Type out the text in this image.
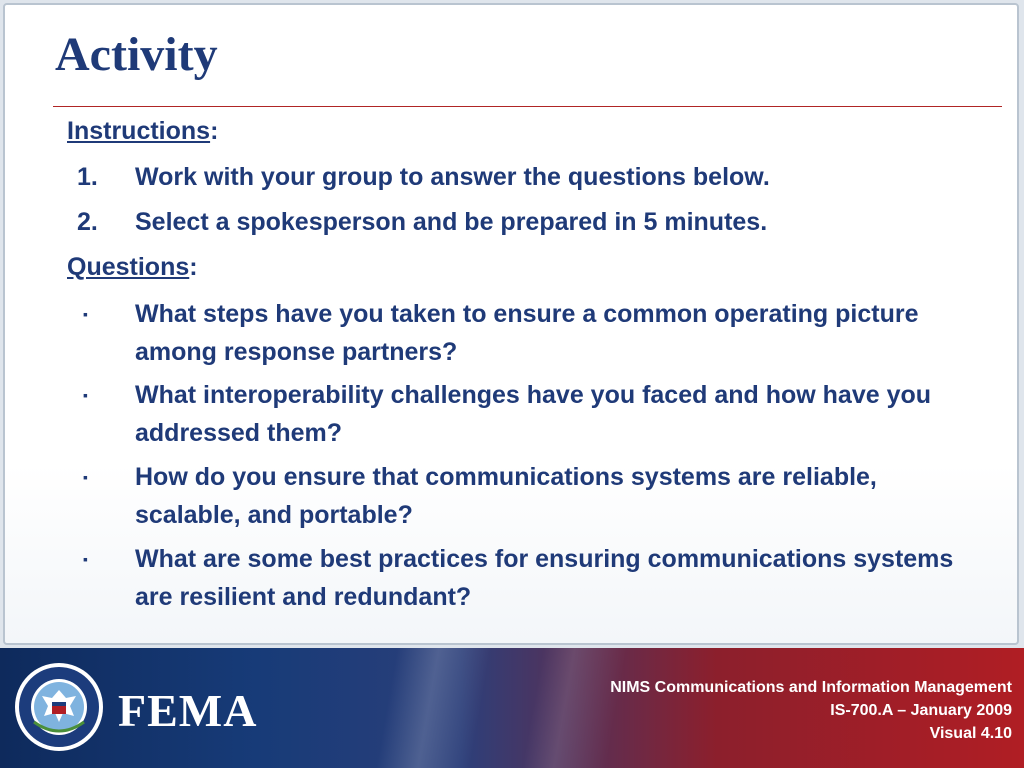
Activity
Instructions:
1. Work with your group to answer the questions below.
2. Select a spokesperson and be prepared in 5 minutes.
Questions:
▪ What steps have you taken to ensure a common operating picture among response partners?
▪ What interoperability challenges have you faced and how have you addressed them?
▪ How do you ensure that communications systems are reliable, scalable, and portable?
▪ What are some best practices for ensuring communications systems are resilient and redundant?
FEMA	NIMS Communications and Information Management
IS-700.A – January 2009
Visual 4.10
